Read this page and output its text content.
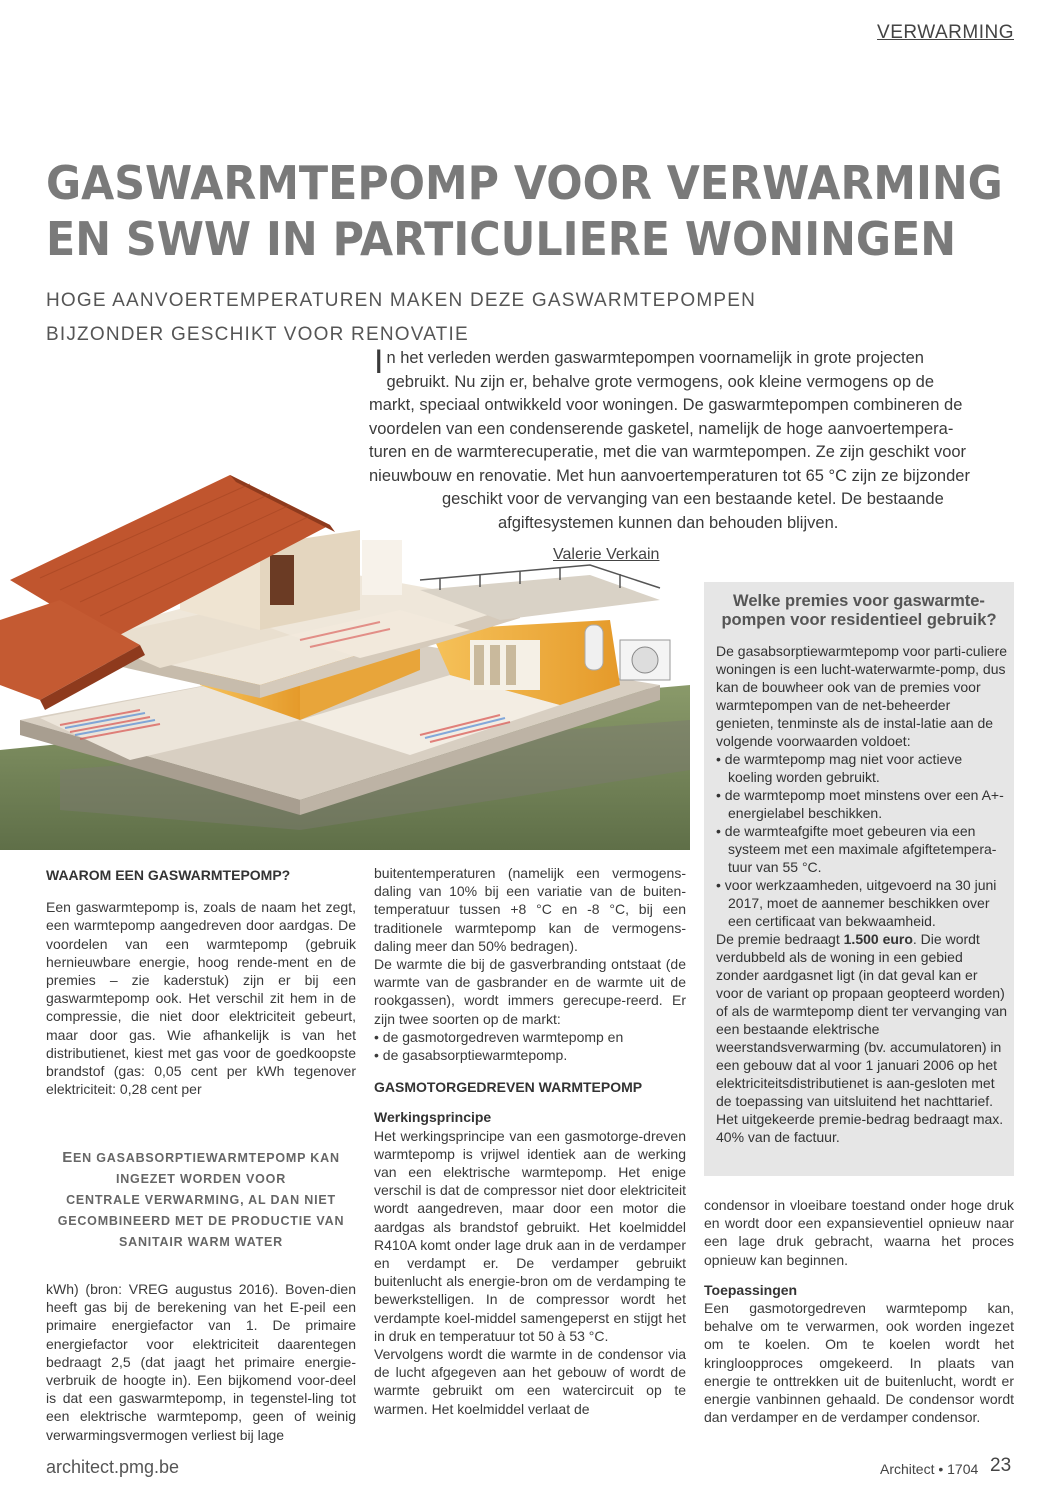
VERWARMING
GASWARMTEPOMP VOOR VERWARMING
EN SWW IN PARTICULIERE WONINGEN
HOGE AANVOERTEMPERATUREN MAKEN DEZE GASWARMTEPOMPEN
BIJZONDER GESCHIKT VOOR RENOVATIE
In het verleden werden gaswarmtepompen voornamelijk in grote projecten
gebruikt. Nu zijn er, behalve grote vermogens, ook kleine vermogens op de
markt, speciaal ontwikkeld voor woningen. De gaswarmtepompen combineren de
voordelen van een condenserende gasketel, namelijk de hoge aanvoertempera-
turen en de warmterecuperatie, met die van warmtepompen. Ze zijn geschikt voor
nieuwbouw en renovatie. Met hun aanvoertemperaturen tot 65 °C zijn ze bijzonder
geschikt voor de vervanging van een bestaande ketel. De bestaande
afgiftesystemen kunnen dan behouden blijven.
Valerie Verkain
Welke premies voor gaswarmte-
pompen voor residentieel gebruik?

De gasabsorptiewarmtepomp voor parti-culiere woningen is een lucht-waterwarmte-pomp, dus kan de bouwheer ook van de premies voor warmtepompen van de net-beheerder genieten, tenminste als de instal-latie aan de volgende voorwaarden voldoet:

• de warmtepomp mag niet voor actieve koeling worden gebruikt.

• de warmtepomp moet minstens over een A+-energielabel beschikken.

• de warmteafgifte moet gebeuren via een systeem met een maximale afgiftetempera-tuur van 55 °C.

• voor werkzaamheden, uitgevoerd na 30 juni 2017, moet de aannemer beschikken over een certificaat van bekwaamheid.

De premie bedraagt 1.500 euro. Die wordt verdubbeld als de woning in een gebied zonder aardgasnet ligt (in dat geval kan er voor de variant op propaan geopteerd worden) of als de warmtepomp dient ter vervanging van een bestaande elektrische weerstandsverwarming (bv. accumulatoren) in een gebouw dat al voor 1 januari 2006 op het elektriciteitsdistributienet is aan-gesloten met de toepassing van uitsluitend het nachttarief. Het uitgekeerde premie-bedrag bedraagt max. 40% van de factuur.

WAAROM EEN GASWARMTEPOMP?

Een gaswarmtepomp is, zoals de naam het zegt, een warmtepomp aangedreven door aardgas. De voordelen van een warmtepomp (gebruik hernieuwbare energie, hoog rende-ment en de premies – zie kaderstuk) zijn er bij een gaswarmtepomp ook. Het verschil zit hem in de compressie, die niet door elektriciteit gebeurt, maar door gas. Wie afhankelijk is van het distributienet, kiest met gas voor de goedkoopste brandstof (gas: 0,05 cent per kWh tegenover elektriciteit: 0,28 cent per

EEN GASABSORPTIEWARMTEPOMP KAN
INGEZET WORDEN VOOR
CENTRALE VERWARMING, AL DAN NIET
GECOMBINEERD MET DE PRODUCTIE VAN
SANITAIR WARM WATER

kWh) (bron: VREG augustus 2016). Boven-dien heeft gas bij de berekening van het E-peil een primaire energiefactor van 1. De primaire energiefactor voor elektriciteit daarentegen bedraagt 2,5 (dat jaagt het primaire energie-verbruik de hoogte in). Een bijkomend voor-deel is dat een gaswarmtepomp, in tegenstel-ling tot een elektrische warmtepomp, geen of weinig verwarmingsvermogen verliest bij lage

buitentemperaturen (namelijk een vermogens-daling van 10% bij een variatie van de buiten-temperatuur tussen +8 °C en -8 °C, bij een traditionele warmtepomp kan de vermogens-daling meer dan 50% bedragen).

De warmte die bij de gasverbranding ontstaat (de warmte van de gasbrander en de warmte uit de rookgassen), wordt immers gerecupe-reerd. Er zijn twee soorten op de markt:

• de gasmotorgedreven warmtepomp en

• de gasabsorptiewarmtepomp.

GASMOTORGEDREVEN WARMTEPOMP
Werkingsprincipe

Het werkingsprincipe van een gasmotorge-dreven warmtepomp is vrijwel identiek aan de werking van een elektrische warmtepomp. Het enige verschil is dat de compressor niet door elektriciteit wordt aangedreven, maar door een motor die aardgas als brandstof gebruikt. Het koelmiddel R410A komt onder lage druk aan in de verdamper en verdampt er. De verdamper gebruikt buitenlucht als energie-bron om de verdamping te bewerkstelligen. In de compressor wordt het verdampte koel-middel samengeperst en stijgt het in druk en temperatuur tot 50 à 53 °C.

Vervolgens wordt die warmte in de condensor via de lucht afgegeven aan het gebouw of wordt de warmte gebruikt om een watercircuit op te warmen. Het koelmiddel verlaat de

condensor in vloeibare toestand onder hoge druk en wordt door een expansieventiel opnieuw naar een lage druk gebracht, waarna het proces opnieuw kan beginnen.

Toepassingen

Een gasmotorgedreven warmtepomp kan, behalve om te verwarmen, ook worden ingezet om te koelen. Om te koelen wordt het kringloopproces omgekeerd. In plaats van energie te onttrekken uit de buitenlucht, wordt er energie vanbinnen gehaald. De condensor wordt dan verdamper en de verdamper condensor.

architect.pmg.be	Architect • 1704 23
